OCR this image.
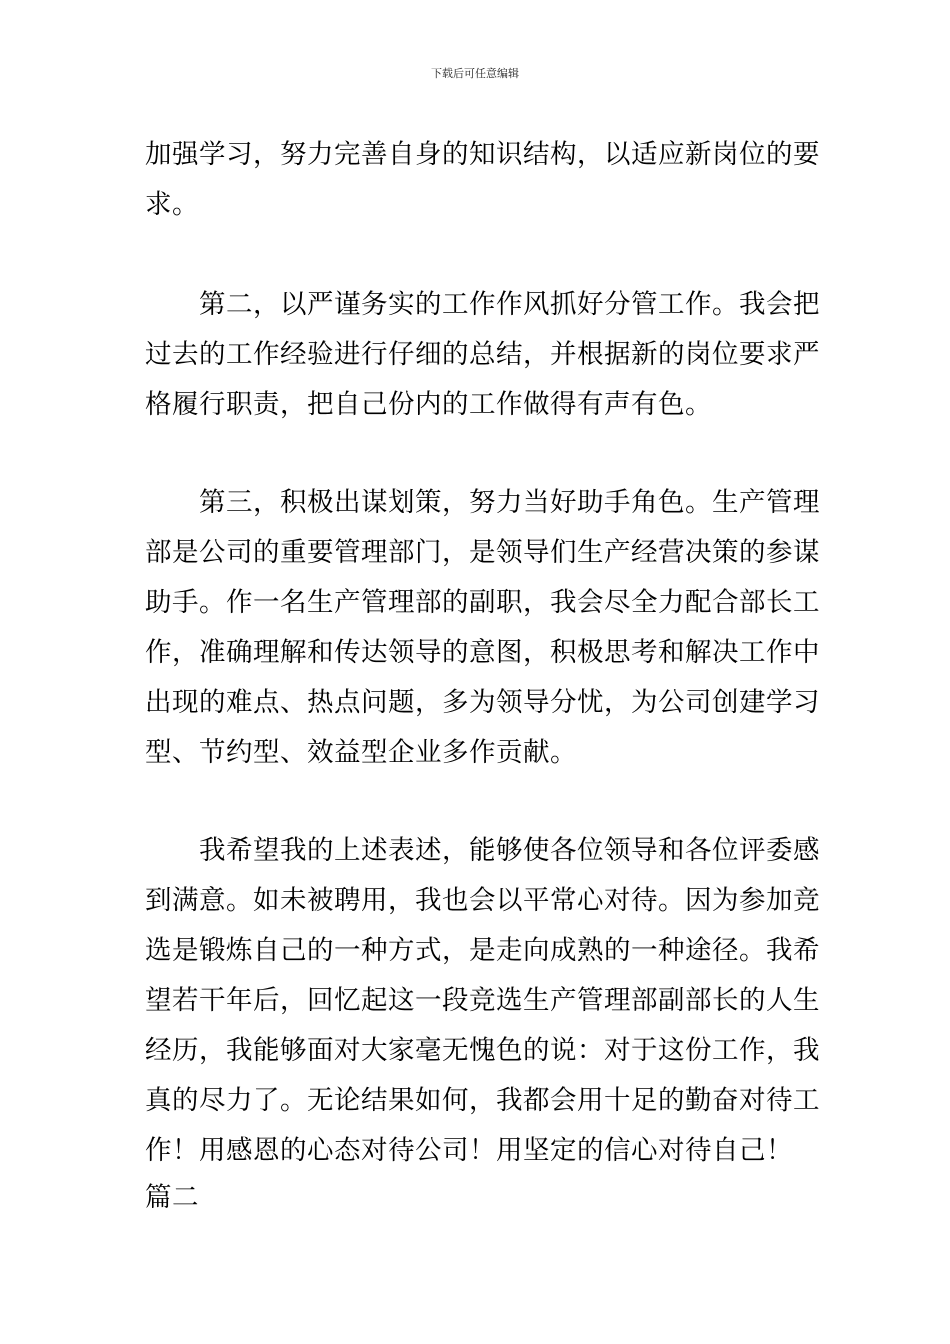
下载后可任意编辑
加强学习，努力完善自身的知识结构，以适应新岗位的要
求。
　　第二，以严谨务实的工作作风抓好分管工作。我会把
过去的工作经验进行仔细的总结，并根据新的岗位要求严
格履行职责，把自己份内的工作做得有声有色。
　　第三，积极出谋划策，努力当好助手角色。生产管理
部是公司的重要管理部门，是领导们生产经营决策的参谋
助手。作一名生产管理部的副职，我会尽全力配合部长工
作，准确理解和传达领导的意图，积极思考和解决工作中
出现的难点、热点问题，多为领导分忧，为公司创建学习
型、节约型、效益型企业多作贡献。
　　我希望我的上述表述，能够使各位领导和各位评委感
到满意。如未被聘用，我也会以平常心对待。因为参加竞
选是锻炼自己的一种方式，是走向成熟的一种途径。我希
望若干年后，回忆起这一段竞选生产管理部副部长的人生
经历，我能够面对大家毫无愧色的说：对于这份工作，我
真的尽力了。无论结果如何，我都会用十足的勤奋对待工
作！用感恩的心态对待公司！用坚定的信心对待自己！
篇二
